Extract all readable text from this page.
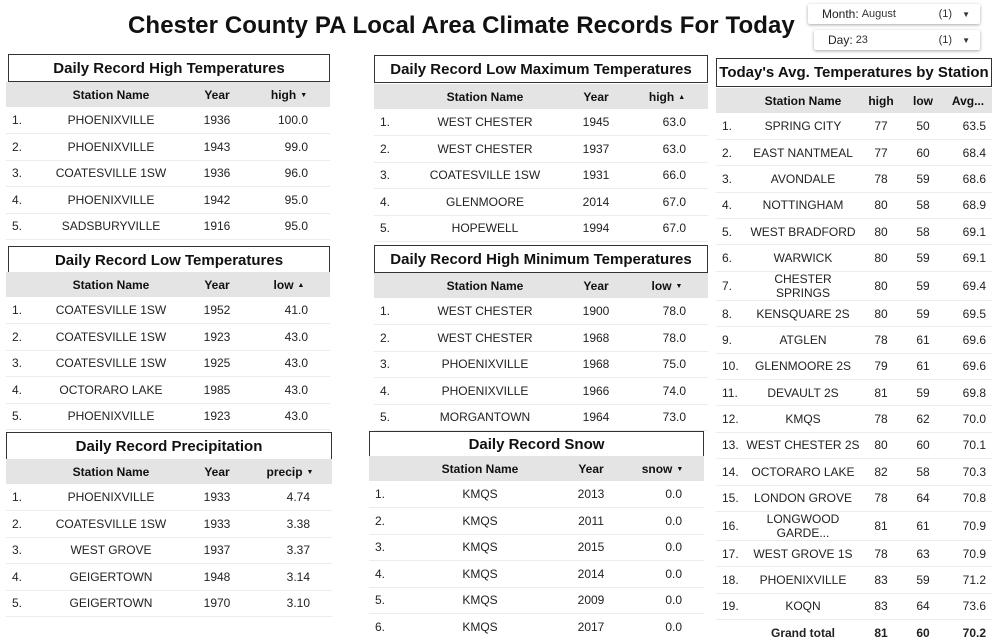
Chester County PA Local Area Climate Records For Today Month: August	(1) ▼
Day: 23	(1) ▼
Daily Record High Temperatures
	Station Name	Year	high ▼
1.	PHOENIXVILLE	1936	100.0
2.	PHOENIXVILLE	1943	99.0
3.	COATESVILLE 1SW	1936	96.0
4.	PHOENIXVILLE	1942	95.0
5.	SADSBURYVILLE	1916	95.0
Daily Record Low Temperatures
	Station Name	Year	low ▲
1.	COATESVILLE 1SW	1952	41.0
2.	COATESVILLE 1SW	1923	43.0
3.	COATESVILLE 1SW	1925	43.0
4.	OCTORARO LAKE	1985	43.0
5.	PHOENIXVILLE	1923	43.0
Daily Record Precipitation
	Station Name	Year	precip ▼
1.	PHOENIXVILLE	1933	4.74
2.	COATESVILLE 1SW	1933	3.38
3.	WEST GROVE	1937	3.37
4.	GEIGERTOWN	1948	3.14
5.	GEIGERTOWN	1970	3.10
Daily Record Low Maximum Temperatures
	Station Name	Year	high ▲
1.	WEST CHESTER	1945	63.0
2.	WEST CHESTER	1937	63.0
3.	COATESVILLE 1SW	1931	66.0
4.	GLENMOORE	2014	67.0
5.	HOPEWELL	1994	67.0
Daily Record High Minimum Temperatures
	Station Name	Year	low ▼
1.	WEST CHESTER	1900	78.0
2.	WEST CHESTER	1968	78.0
3.	PHOENIXVILLE	1968	75.0
4.	PHOENIXVILLE	1966	74.0
5.	MORGANTOWN	1964	73.0
Daily Record Snow
	Station Name	Year	snow ▼
1.	KMQS	2013	0.0
2.	KMQS	2011	0.0
3.	KMQS	2015	0.0
4.	KMQS	2014	0.0
5.	KMQS	2009	0.0
6.	KMQS	2017	0.0
Today's Avg. Temperatures by Station
	Station Name	high	low	Avg...
1.	SPRING CITY	77	50	63.5
2.	EAST NANTMEAL	77	60	68.4
3.	AVONDALE	78	59	68.6
4.	NOTTINGHAM	80	58	68.9
5.	WEST BRADFORD	80	58	69.1
6.	WARWICK	80	59	69.1
7.	CHESTER SPRINGS	80	59	69.4
8.	KENSQUARE 2S	80	59	69.5
9.	ATGLEN	78	61	69.6
10.	GLENMOORE 2S	79	61	69.6
11.	DEVAULT 2S	81	59	69.8
12.	KMQS	78	62	70.0
13.	WEST CHESTER 2S	80	60	70.1
14.	OCTORARO LAKE	82	58	70.3
15.	LONDON GROVE	78	64	70.8
16.	LONGWOOD GARDE...	81	61	70.9
17.	WEST GROVE 1S	78	63	70.9
18.	PHOENIXVILLE	83	59	71.2
19.	KOQN	83	64	73.6
	Grand total	81	60	70.2
